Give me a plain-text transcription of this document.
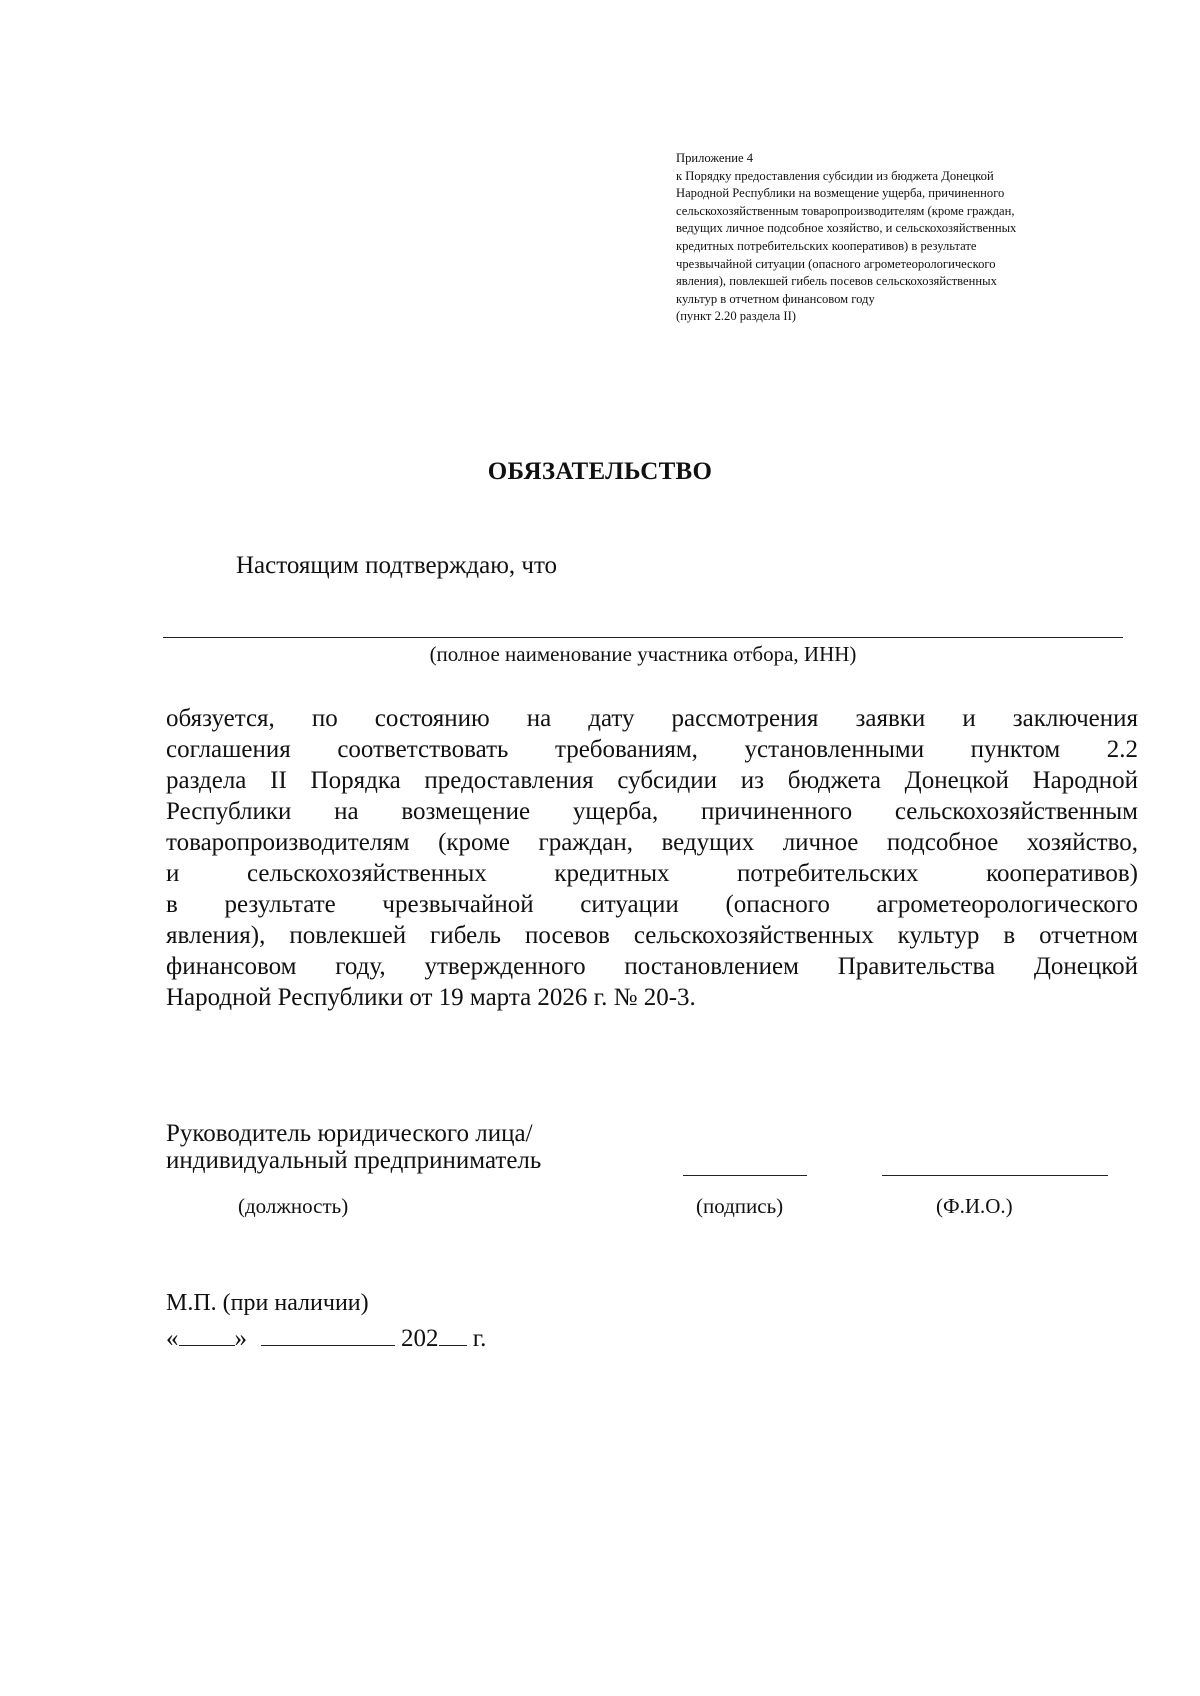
Приложение 4
к Порядку предоставления субсидии из бюджета Донецкой
Народной Республики на возмещение ущерба, причиненного
сельскохозяйственным товаропроизводителям (кроме граждан,
ведущих личное подсобное хозяйство, и сельскохозяйственных
кредитных потребительских кооперативов) в результате
чрезвычайной ситуации (опасного агрометеорологического
явления), повлекшей гибель посевов сельскохозяйственных
культур в отчетном финансовом году
(пункт 2.20 раздела II)
ОБЯЗАТЕЛЬСТВО
Настоящим подтверждаю, что
(полное наименование участника отбора, ИНН)
обязуется, по состоянию на дату рассмотрения заявки и заключения
соглашения соответствовать требованиям, установленными пунктом 2.2
раздела II Порядка предоставления субсидии из бюджета Донецкой Народной
Республики на возмещение ущерба, причиненного сельскохозяйственным
товаропроизводителям (кроме граждан, ведущих личное подсобное хозяйство,
и сельскохозяйственных кредитных потребительских кооперативов)
в результате чрезвычайной ситуации (опасного агрометеорологического
явления), повлекшей гибель посевов сельскохозяйственных культур в отчетном
финансовом году, утвержденного постановлением Правительства Донецкой
Народной Республики от 19 марта 2026 г. № 20-3.
Руководитель юридического лица/
индивидуальный предприниматель
(должность)	(подпись)	(Ф.И.О.)
М.П. (при наличии)
« »	202 г.
